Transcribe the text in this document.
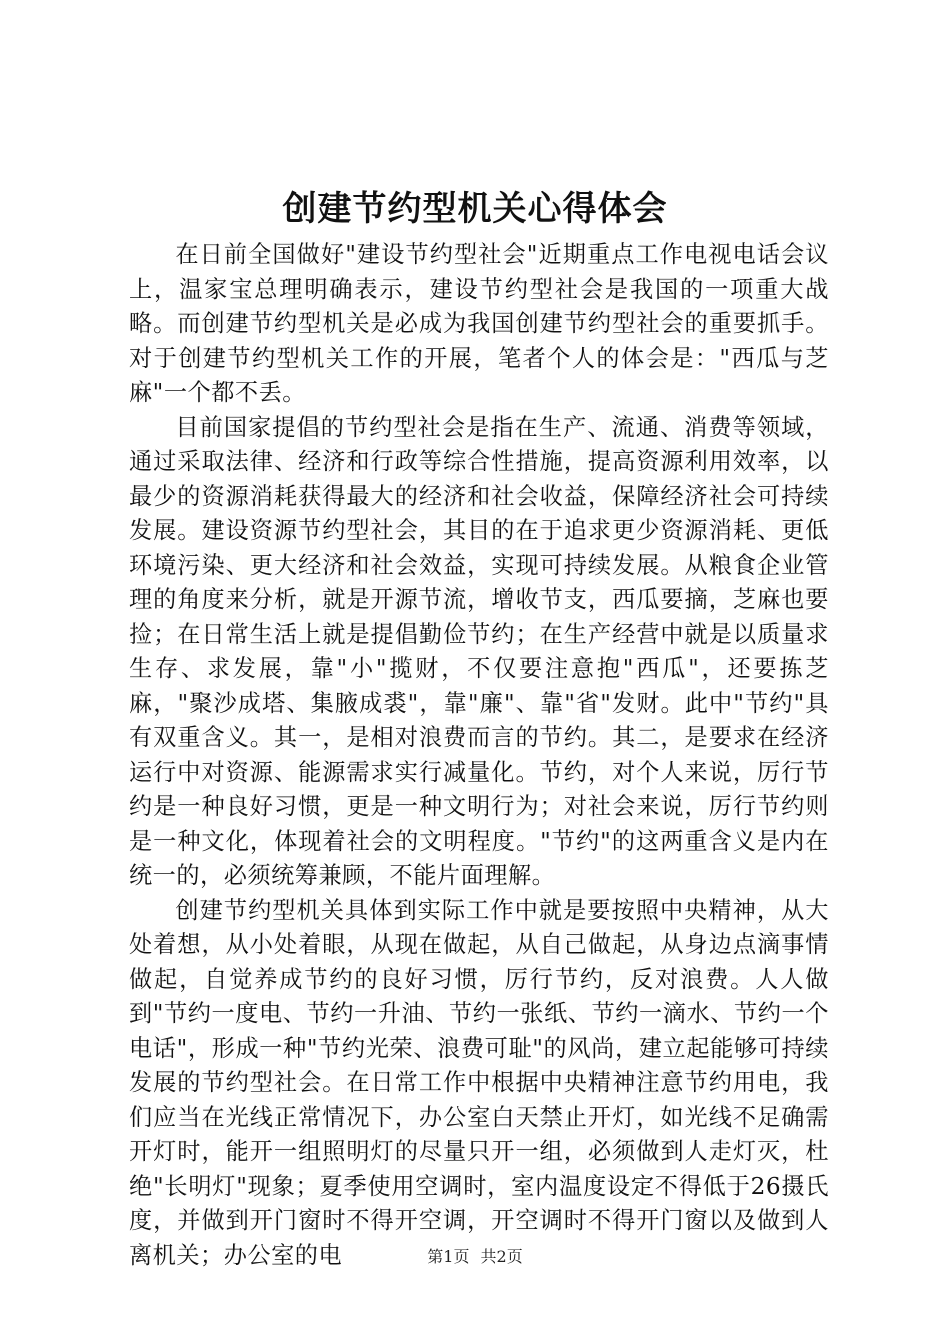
创建节约型机关心得体会

在日前全国做好"建设节约型社会"近期重点工作电视电话会议上，温家宝总理明确表示，建设节约型社会是我国的一项重大战略。而创建节约型机关是必成为我国创建节约型社会的重要抓手。对于创建节约型机关工作的开展，笔者个人的体会是："西瓜与芝麻"一个都不丢。

目前国家提倡的节约型社会是指在生产、流通、消费等领域，通过采取法律、经济和行政等综合性措施，提高资源利用效率，以最少的资源消耗获得最大的经济和社会收益，保障经济社会可持续发展。建设资源节约型社会，其目的在于追求更少资源消耗、更低环境污染、更大经济和社会效益，实现可持续发展。从粮食企业管理的角度来分析，就是开源节流，增收节支，西瓜要摘，芝麻也要捡；在日常生活上就是提倡勤俭节约；在生产经营中就是以质量求生存、求发展，靠"小"揽财，不仅要注意抱"西瓜"，还要拣芝麻，"聚沙成塔、集腋成裘"，靠"廉"、靠"省"发财。此中"节约"具有双重含义。其一，是相对浪费而言的节约。其二，是要求在经济运行中对资源、能源需求实行减量化。节约，对个人来说，厉行节约是一种良好习惯，更是一种文明行为；对社会来说，厉行节约则是一种文化，体现着社会的文明程度。"节约"的这两重含义是内在统一的，必须统筹兼顾，不能片面理解。

创建节约型机关具体到实际工作中就是要按照中央精神，从大处着想，从小处着眼，从现在做起，从自己做起，从身边点滴事情做起，自觉养成节约的良好习惯，厉行节约，反对浪费。人人做到"节约一度电、节约一升油、节约一张纸、节约一滴水、节约一个电话"，形成一种"节约光荣、浪费可耻"的风尚，建立起能够可持续发展的节约型社会。在日常工作中根据中央精神注意节约用电，我们应当在光线正常情况下，办公室白天禁止开灯，如光线不足确需开灯时，能开一组照明灯的尽量只开一组，必须做到人走灯灭，杜绝"长明灯"现象；夏季使用空调时，室内温度设定不得低于26摄氏度，并做到开门窗时不得开空调，开空调时不得开门窗以及做到人离机关；办公室的电	第1页 共2页
